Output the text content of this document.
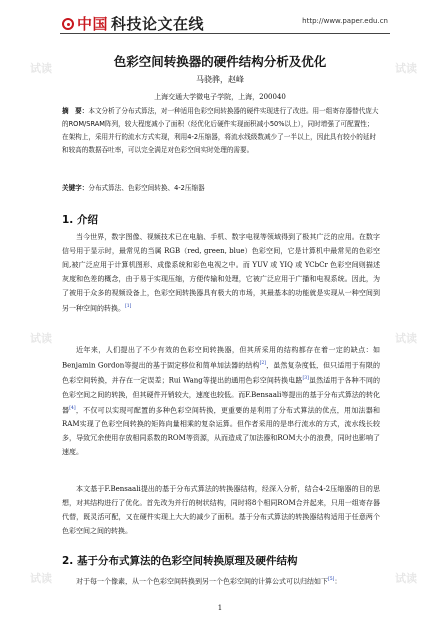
中国 科技论文在线	http://www.paper.edu.cn
色彩空间转换器的硬件结构分析及优化
马骁骅，赵峰
上海交通大学微电子学院，上海，200040
摘　要：本文分析了分布式算法，对一种适用色彩空间转换器的硬件实现进行了改进。用一组寄存器替代庞大的ROM/SRAM阵列，较大程度减小了面积（经优化后硬件实现面积减小50%以上），同时增强了可配置性；在架构上，采用并行的流水方式实现，利用4-2压缩器，将流水线级数减少了一半以上，因此具有较小的延时和较高的数据吞吐率，可以完全满足对色彩空间实时处理的需要。
关键字：分布式算法、色彩空间转换、4-2压缩器
1. 介绍
当今世界，数字图像、视频技术已在电脑、手机、数字电视等领域得到了极其广泛的应用。在数字信号用于显示时，最常见的当属 RGB（red, green, blue）色彩空间，它是计算机中最常见的色彩空间,被广泛应用于计算机图形、成像系统和彩色电视之中。而 YUV 或 YIQ 或 YCbCr 色彩空间则描述灰度和色差的概念，由于易于实现压缩，方便传输和处理，它被广泛应用于广播和电视系统。因此，为了被用于众多的视频设备上，色彩空间转换器具有极大的市场，其最基本的功能就是实现从一种空间到另一种空间的转换。[1]
近年来，人们提出了不少有效的色彩空间转换器，但其所采用的结构都存在着一定的缺点：如Benjamin Gordon等提出的基于固定移位和简单加法器的结构[2]，虽然复杂度低，但只适用于有限的色彩空间转换，并存在一定误差；Rui Wang等提出的通用色彩空间转换电路[3]虽然适用于各种不同的色彩空间之间的转换，但其硬件开销较大，速度也较低。而F.Bensaali等提出的基于分布式算法的转化器[4]，不仅可以实现可配置的多种色彩空间转换，更重要的是利用了分布式算法的优点，用加法器和RAM实现了色彩空间转换的矩阵向量相乘的复杂运算。但作者采用的是串行流水的方式，流水线长较多，导致冗余使用存放相同系数的ROM等资源，从而造成了加法器和ROM大小的浪费，同时也影响了速度。
本文基于F.Bensaali提出的基于分布式算法的转换器结构，经深入分析，结合4-2压缩器的目的思想，对其结构进行了优化。首先改为并行的树状结构，同时将8个相同ROM合并起来，只用一组寄存器代替，既灵活可配，又在硬件实现上大大的减少了面积。基于分布式算法的转换器结构适用于任意两个色彩空间之间的转换。
2. 基于分布式算法的色彩空间转换原理及硬件结构
对于每一个像素，从一个色彩空间转换到另一个色彩空间的计算公式可以归结如下[5]：
1
试读	试读
试读	试读
试读	试读
